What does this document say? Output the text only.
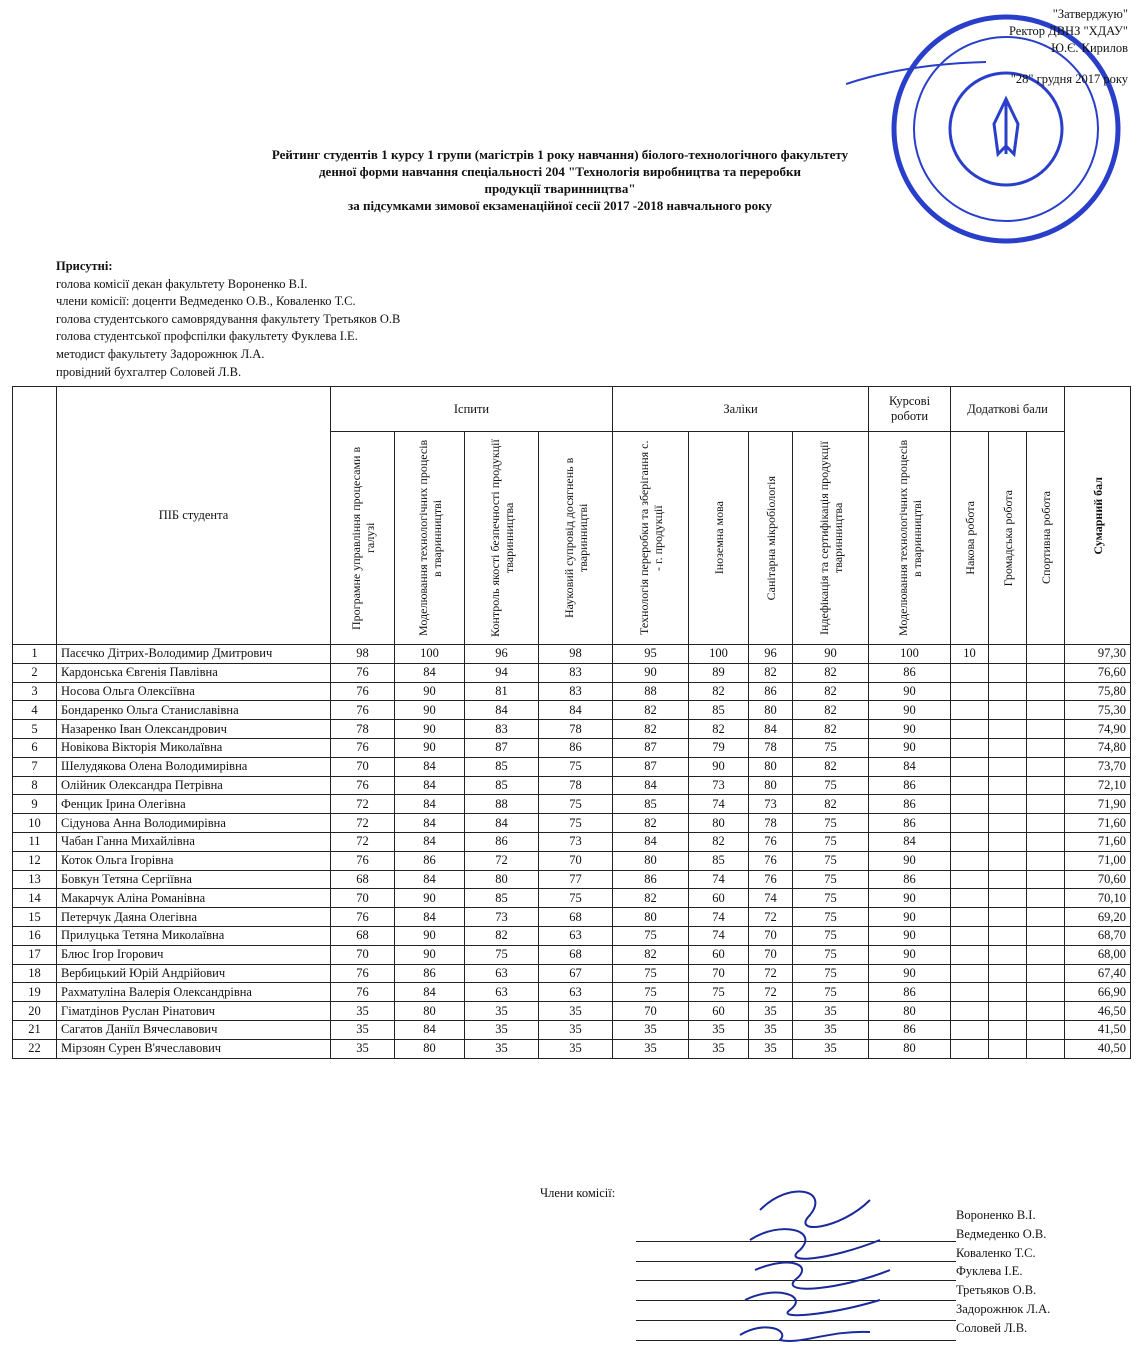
"Затверджую"
Ректор ДВНЗ "ХДАУ"
Ю.Є. Кирилов
"28" грудня 2017 року
Рейтинг студентів 1 курсу 1 групи (магістрів 1 року навчання) біолого-технологічного факультету
денної форми навчання спеціальності 204 "Технологія виробництва та переробки
продукції тваринництва"
за підсумками зимової екзаменаційної сесії 2017 -2018 навчального року
Присутні:
голова комісії декан факультету Вороненко В.І.
члени комісії: доценти Ведмеденко О.В., Коваленко Т.С.
голова студентського самоврядування факультету Третьяков О.В
голова студентської профспілки факультету Фуклева І.Е.
методист факультету Задорожнюк Л.А.
провідний бухгалтер Соловей Л.В.
	ПІБ студента	Іспити				Заліки				Курсові роботи	Додаткові бали			Сумарний бал

		Програмне управління процесами в галузі	Моделювання технологічних процесів в тваринництві	Контроль якості безпечності продукції тваринництва	Науковий супровід досягнень в тваринництві	Технологія переробки та зберігання с. - г. продукції	Іноземна мова	Санітарна мікробіологія	Індефікація та сертифікація продукції тваринництва	Моделювання технологічних процесів в тваринництві	Накова робота	Громадська робота	Спортивна робота	

1	Пасєчко Дітрих-Володимир Дмитрович	98	100	96	98	95	100	96	90	100	10			97,30
2	Кардонська Євгенія Павлівна	76	84	94	83	90	89	82	82	86				76,60
3	Носова Ольга Олексіївна	76	90	81	83	88	82	86	82	90				75,80
4	Бондаренко Ольга Станиславівна	76	90	84	84	82	85	80	82	90				75,30
5	Назаренко Іван Олександрович	78	90	83	78	82	82	84	82	90				74,90
6	Новікова Вікторія Миколаївна	76	90	87	86	87	79	78	75	90				74,80
7	Шелудякова Олена Володимирівна	70	84	85	75	87	90	80	82	84				73,70
8	Олійник Олександра Петрівна	76	84	85	78	84	73	80	75	86				72,10
9	Фенцик Ірина Олегівна	72	84	88	75	85	74	73	82	86				71,90
10	Сідунова Анна Володимирівна	72	84	84	75	82	80	78	75	86				71,60
11	Чабан Ганна Михайлівна	72	84	86	73	84	82	76	75	84				71,60
12	Коток Ольга Ігорівна	76	86	72	70	80	85	76	75	90				71,00
13	Бовкун Тетяна Сергіївна	68	84	80	77	86	74	76	75	86				70,60
14	Макарчук Аліна Романівна	70	90	85	75	82	60	74	75	90				70,10
15	Петерчук Даяна Олегівна	76	84	73	68	80	74	72	75	90				69,20
16	Прилуцька Тетяна Миколаївна	68	90	82	63	75	74	70	75	90				68,70
17	Блюс Ігор Ігорович	70	90	75	68	82	60	70	75	90				68,00
18	Вербицький Юрій Андрійович	76	86	63	67	75	70	72	75	90				67,40
19	Рахматуліна Валерія Олександрівна	76	84	63	63	75	75	72	75	86				66,90
20	Гіматдінов Руслан Рінатович	35	80	35	35	70	60	35	35	80				46,50
21	Сагатов Даніїл Вячеславович	35	84	35	35	35	35	35	35	86				41,50
22	Мірзоян Сурен В'ячеславович	35	80	35	35	35	35	35	35	80				40,50
Члени комісії:
Вороненко В.І.
Ведмеденко О.В.
Коваленко Т.С.
Фуклева І.Е.
Третьяков О.В.
Задорожнюк Л.А.
Соловей Л.В.
